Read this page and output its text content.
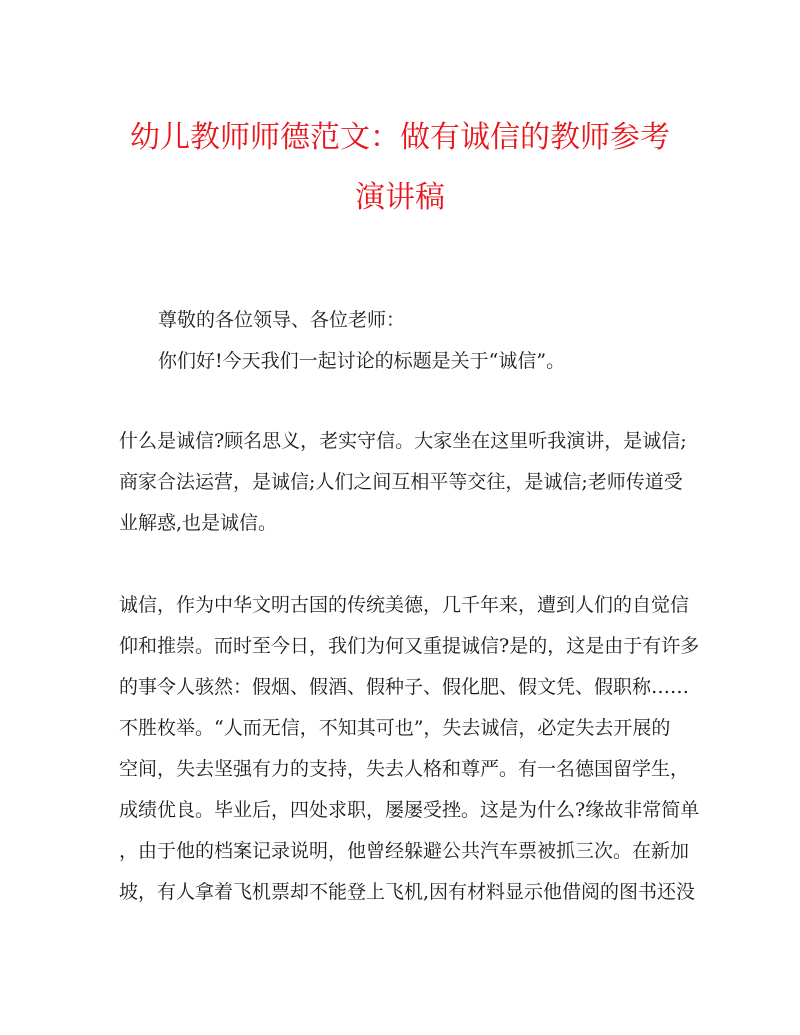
幼儿教师师德范文：做有诚信的教师参考
演讲稿
尊敬的各位领导、各位老师：
你们好!今天我们一起讨论的标题是关于“诚信”。
什么是诚信?顾名思义，老实守信。大家坐在这里听我演讲，是诚信;
商家合法运营，是诚信;人们之间互相平等交往，是诚信;老师传道受
业解惑,也是诚信。
诚信，作为中华文明古国的传统美德，几千年来，遭到人们的自觉信
仰和推崇。而时至今日，我们为何又重提诚信?是的，这是由于有许多
的事令人骇然：假烟、假酒、假种子、假化肥、假文凭、假职称……
不胜枚举。“人而无信，不知其可也”，失去诚信，必定失去开展的
空间，失去坚强有力的支持，失去人格和尊严。有一名德国留学生，
成绩优良。毕业后，四处求职，屡屡受挫。这是为什么?缘故非常简单
，由于他的档案记录说明，他曾经躲避公共汽车票被抓三次。在新加
坡，有人拿着飞机票却不能登上飞机,因有材料显示他借阅的图书还没
